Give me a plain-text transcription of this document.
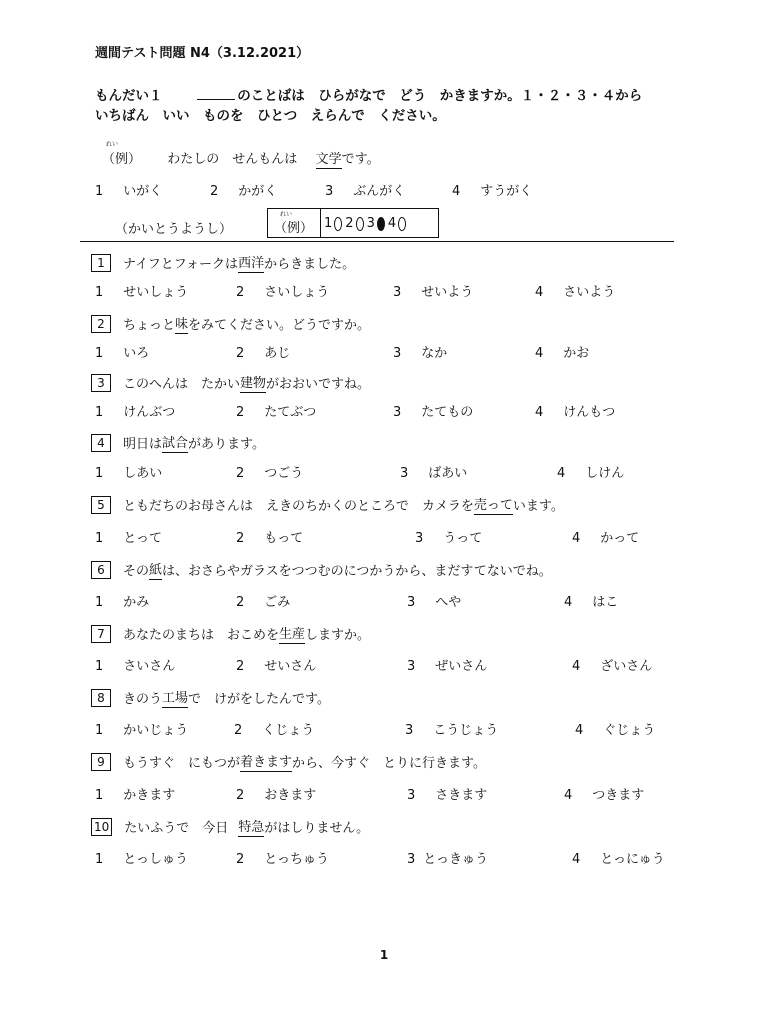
週間テスト問題 N4（3.12.2021）
もんだい１	のことばは　ひらがなで　どう　かきますか。１・２・３・４から
いちばん　いい　ものを　ひとつ　えらんで　ください。
れい
（例） わたしの　せんもんは 文学です。
1 いがく	2 かがく	3 ぶんがく	4 すうがく
（かいとうようし）
れい
（例） 1 2 3 4
1	ナイフとフォークは 西洋 からきました。
1 せいしょう	2 さいしょう	3 せいよう	4 さいよう
2	ちょっと 味 をみてください。どうですか。
1 いろ	2 あじ	3 なか	4 かお
3	このへんは　たかい 建物 がおおいですね。
1 けんぶつ	2 たてぶつ	3 たてもの	4 けんもつ
4	明日は 試合 があります。
1 しあい	2 つごう	3 ばあい	4 しけん
5	ともだちのお母さんは　えきのちかくのところで　カメラを 売って います。
1 とって	2 もって	3 うって	4 かって
6	その 紙 は、おさらやガラスをつつむのにつかうから、まだすてないでね。
1 かみ	2 ごみ	3 へや	4 はこ
7	あなたのまちは　おこめを 生産 しますか。
1 さいさん	2 せいさん	3 ぜいさん	4 ざいさん
8	きのう 工場 で　けがをしたんです。
1 かいじょう	2 くじょう	3 こうじょう	4 ぐじょう
9	もうすぐ　にもつが 着きます から、今すぐ　とりに行きます。
1 かきます	2 おきます	3 さきます	4 つきます
10 たいふうで　今日 特急 がはしりません。
1 とっしゅう	2 とっちゅう	3 とっきゅう	4 とっにゅう
1
